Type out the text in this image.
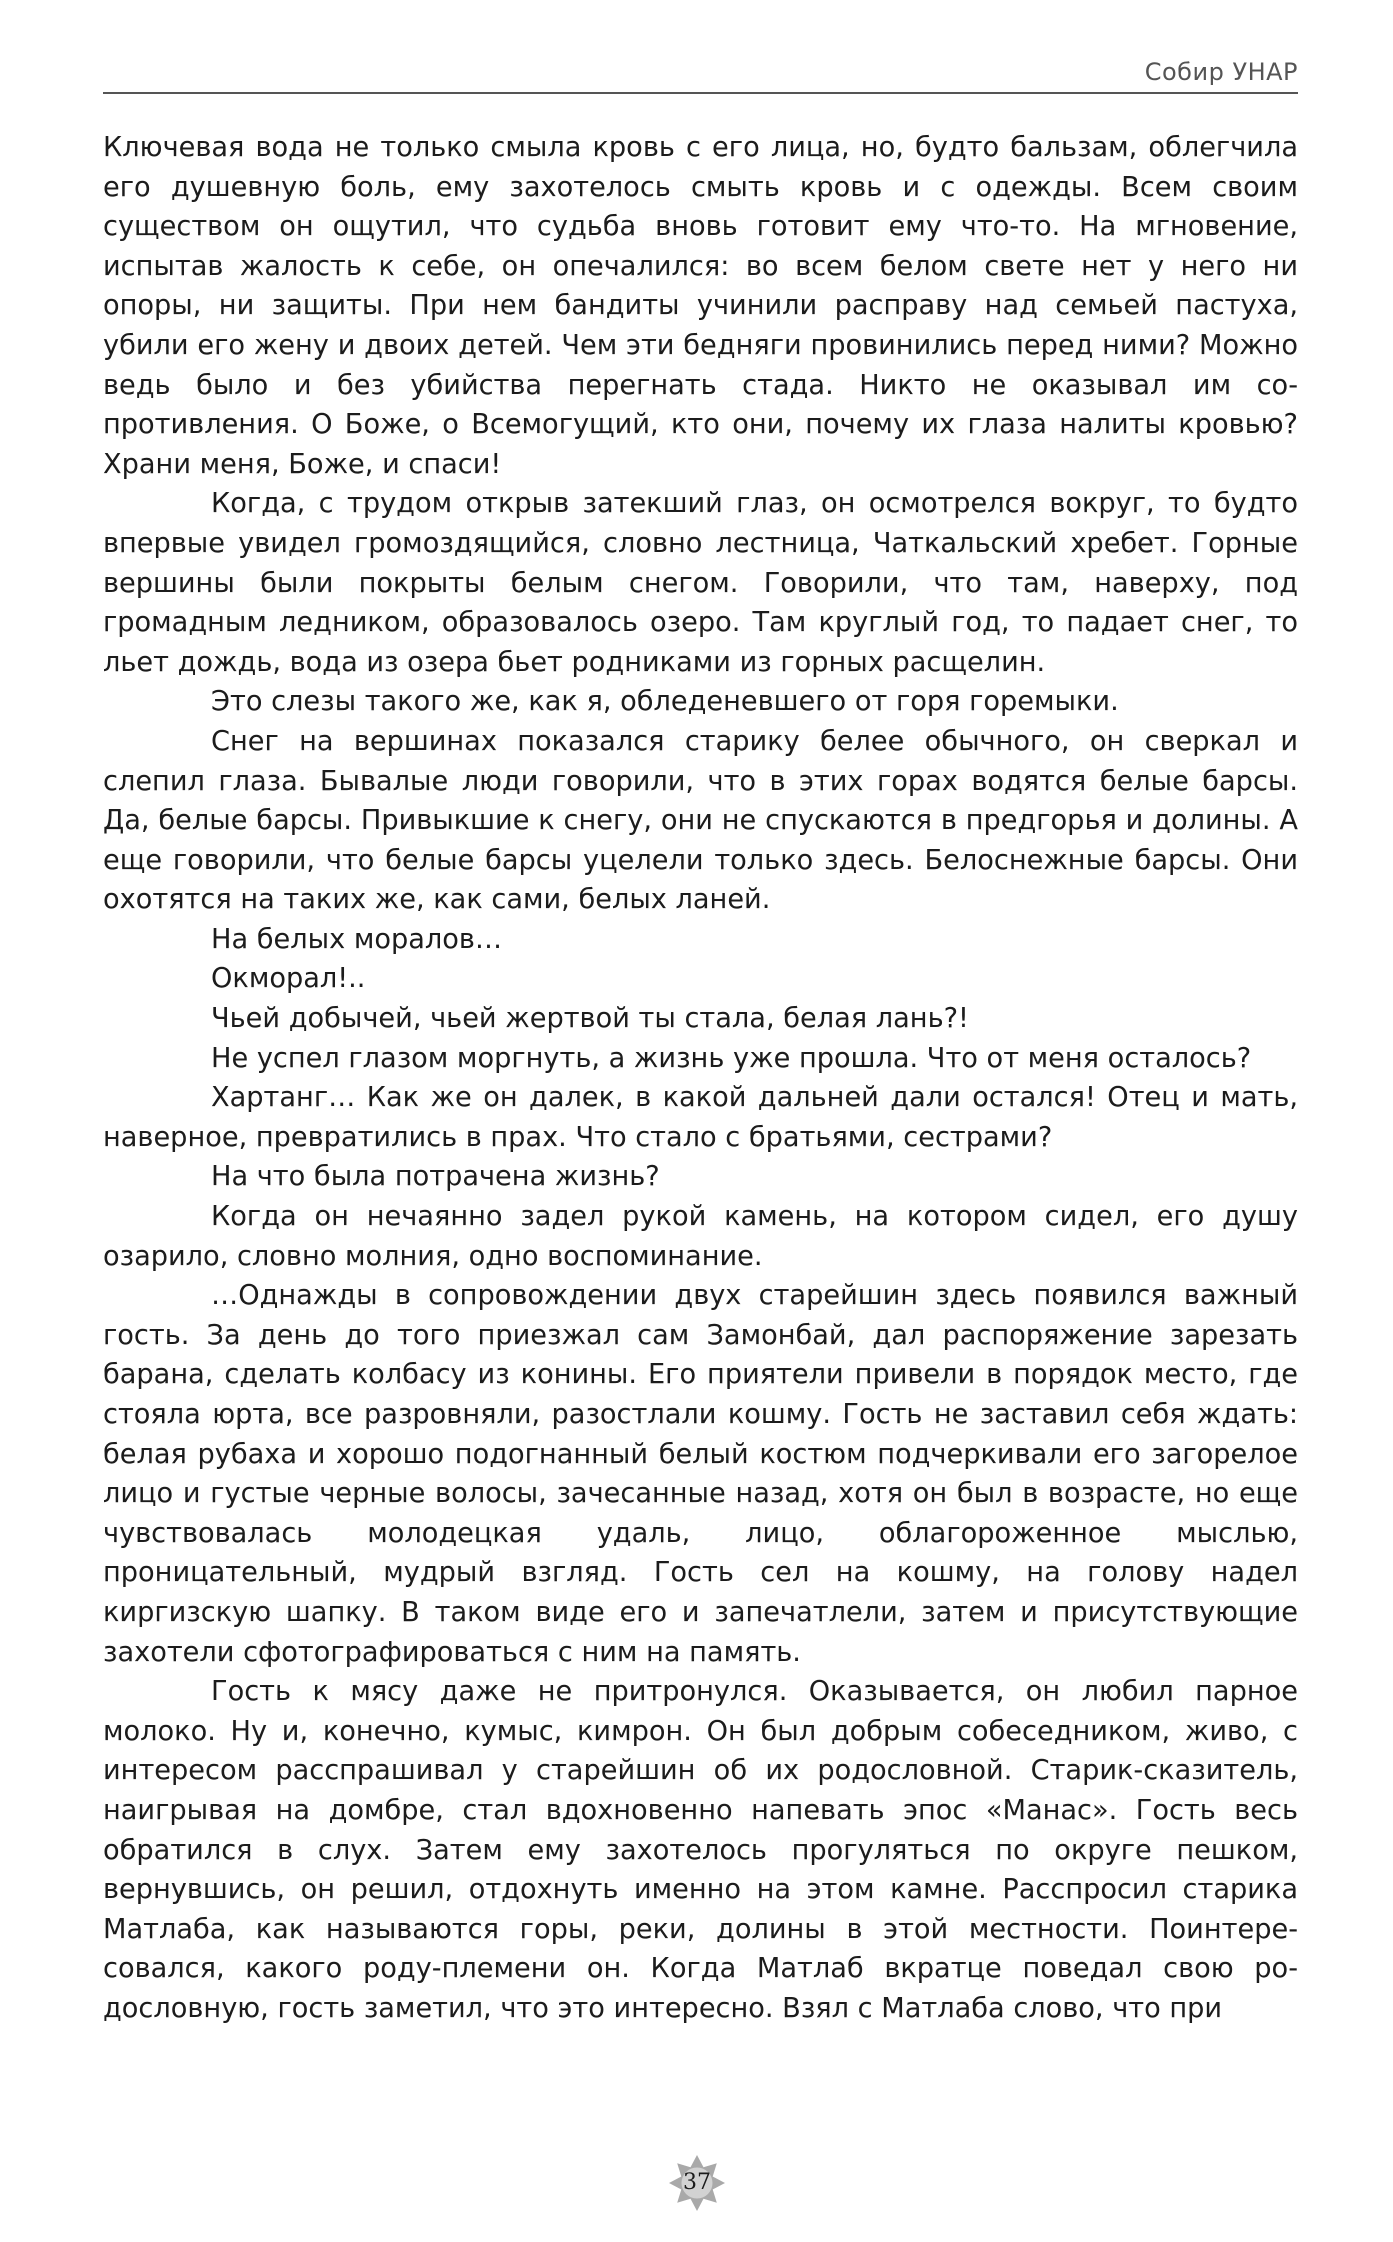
Собир УНАР

Ключевая вода не только смыла кровь с его лица, но, будто бальзам, облегчила его душевную боль, ему захотелось смыть кровь и с одежды. Всем своим существом он ощутил, что судьба вновь готовит ему что-то. На мгновение, испытав жалость к себе, он опечалился: во всем белом свете нет у него ни опоры, ни защиты. При нем бандиты учинили расправу над семьей пастуха, убили его жену и двоих детей. Чем эти бедняги провинились перед ними? Можно ведь было и без убийства перегнать стада. Никто не оказывал им сопротивления. О Боже, о Всемогущий, кто они, почему их глаза налиты кровью? Храни меня, Боже, и спаси!

Когда, с трудом открыв затекший глаз, он осмотрелся вокруг, то будто впервые увидел громоздящийся, словно лестница, Чаткальский хребет. Горные вершины были покрыты белым снегом. Говорили, что там, наверху, под громадным ледником, образовалось озеро. Там круглый год, то падает снег, то льет дождь, вода из озера бьет родниками из горных расщелин.

Это слезы такого же, как я, обледеневшего от горя горемыки.

Снег на вершинах показался старику белее обычного, он сверкал и слепил глаза. Бывалые люди говорили, что в этих горах водятся белые барсы. Да, белые барсы. Привыкшие к снегу, они не спускаются в предгорья и долины. А еще говорили, что белые барсы уцелели только здесь. Белоснежные барсы. Они охотятся на таких же, как сами, белых ланей.

На белых моралов…

Окморал!..

Чьей добычей, чьей жертвой ты стала, белая лань?!

Не успел глазом моргнуть, а жизнь уже прошла. Что от меня осталось?

Хартанг… Как же он далек, в какой дальней дали остался! Отец и мать, наверное, превратились в прах. Что стало с братьями, сестрами?

На что была потрачена жизнь?

Когда он нечаянно задел рукой камень, на котором сидел, его душу озарило, словно молния, одно воспоминание.

…Однажды в сопровождении двух старейшин здесь появился важный гость. За день до того приезжал сам Замонбай, дал распоряжение зарезать барана, сделать колбасу из конины. Его приятели привели в порядок место, где стояла юрта, все разровняли, разостлали кошму. Гость не заставил себя ждать: белая рубаха и хорошо подогнанный белый костюм подчеркивали его загорелое лицо и густые черные волосы, зачесанные назад, хотя он был в возрасте, но еще чувствовалась молодецкая удаль, лицо, облагороженное мыслью, проницательный, мудрый взгляд. Гость сел на кошму, на голову надел киргизскую шапку. В таком виде его и запечатлели, затем и присутствующие захотели сфотографироваться с ним на память.

Гость к мясу даже не притронулся. Оказывается, он любил парное молоко. Ну и, конечно, кумыс, кимрон. Он был добрым собеседником, живо, с интересом расспрашивал у старейшин об их родословной. Старик-сказитель, наигрывая на домбре, стал вдохновенно напевать эпос «Манас». Гость весь обратился в слух. Затем ему захотелось прогуляться по округе пешком, вернувшись, он решил, отдохнуть именно на этом камне. Расспросил старика Матлаба, как называются горы, реки, долины в этой местности. Поинтересовался, какого роду-племени он. Когда Матлаб вкратце поведал свою родословную, гость заметил, что это интересно. Взял с Матлаба слово, что при

37
